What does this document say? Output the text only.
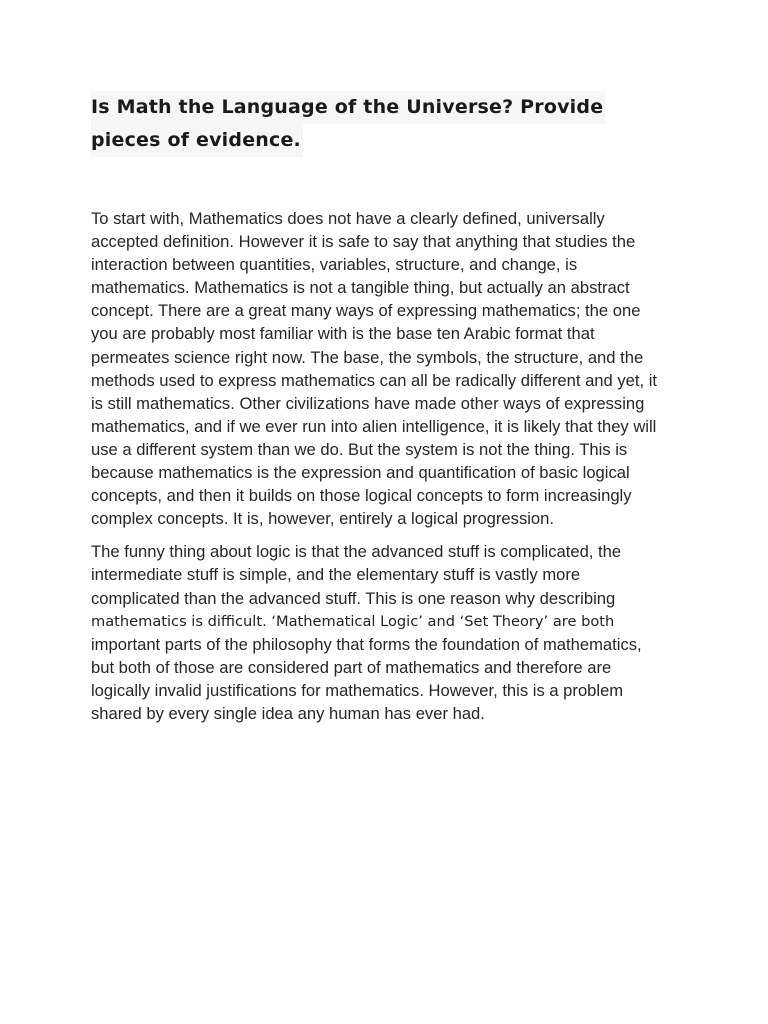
Is Math the Language of the Universe? Provide
pieces of evidence.

To start with, Mathematics does not have a clearly defined, universally
accepted definition. However it is safe to say that anything that studies the
interaction between quantities, variables, structure, and change, is
mathematics. Mathematics is not a tangible thing, but actually an abstract
concept. There are a great many ways of expressing mathematics; the one
you are probably most familiar with is the base ten Arabic format that
permeates science right now. The base, the symbols, the structure, and the
methods used to express mathematics can all be radically different and yet, it
is still mathematics. Other civilizations have made other ways of expressing
mathematics, and if we ever run into alien intelligence, it is likely that they will
use a different system than we do. But the system is not the thing. This is
because mathematics is the expression and quantification of basic logical
concepts, and then it builds on those logical concepts to form increasingly
complex concepts. It is, however, entirely a logical progression.

The funny thing about logic is that the advanced stuff is complicated, the
intermediate stuff is simple, and the elementary stuff is vastly more
complicated than the advanced stuff. This is one reason why describing
mathematics is difficult. ‘Mathematical Logic’ and ‘Set Theory’ are both
important parts of the philosophy that forms the foundation of mathematics,
but both of those are considered part of mathematics and therefore are
logically invalid justifications for mathematics. However, this is a problem
shared by every single idea any human has ever had.
